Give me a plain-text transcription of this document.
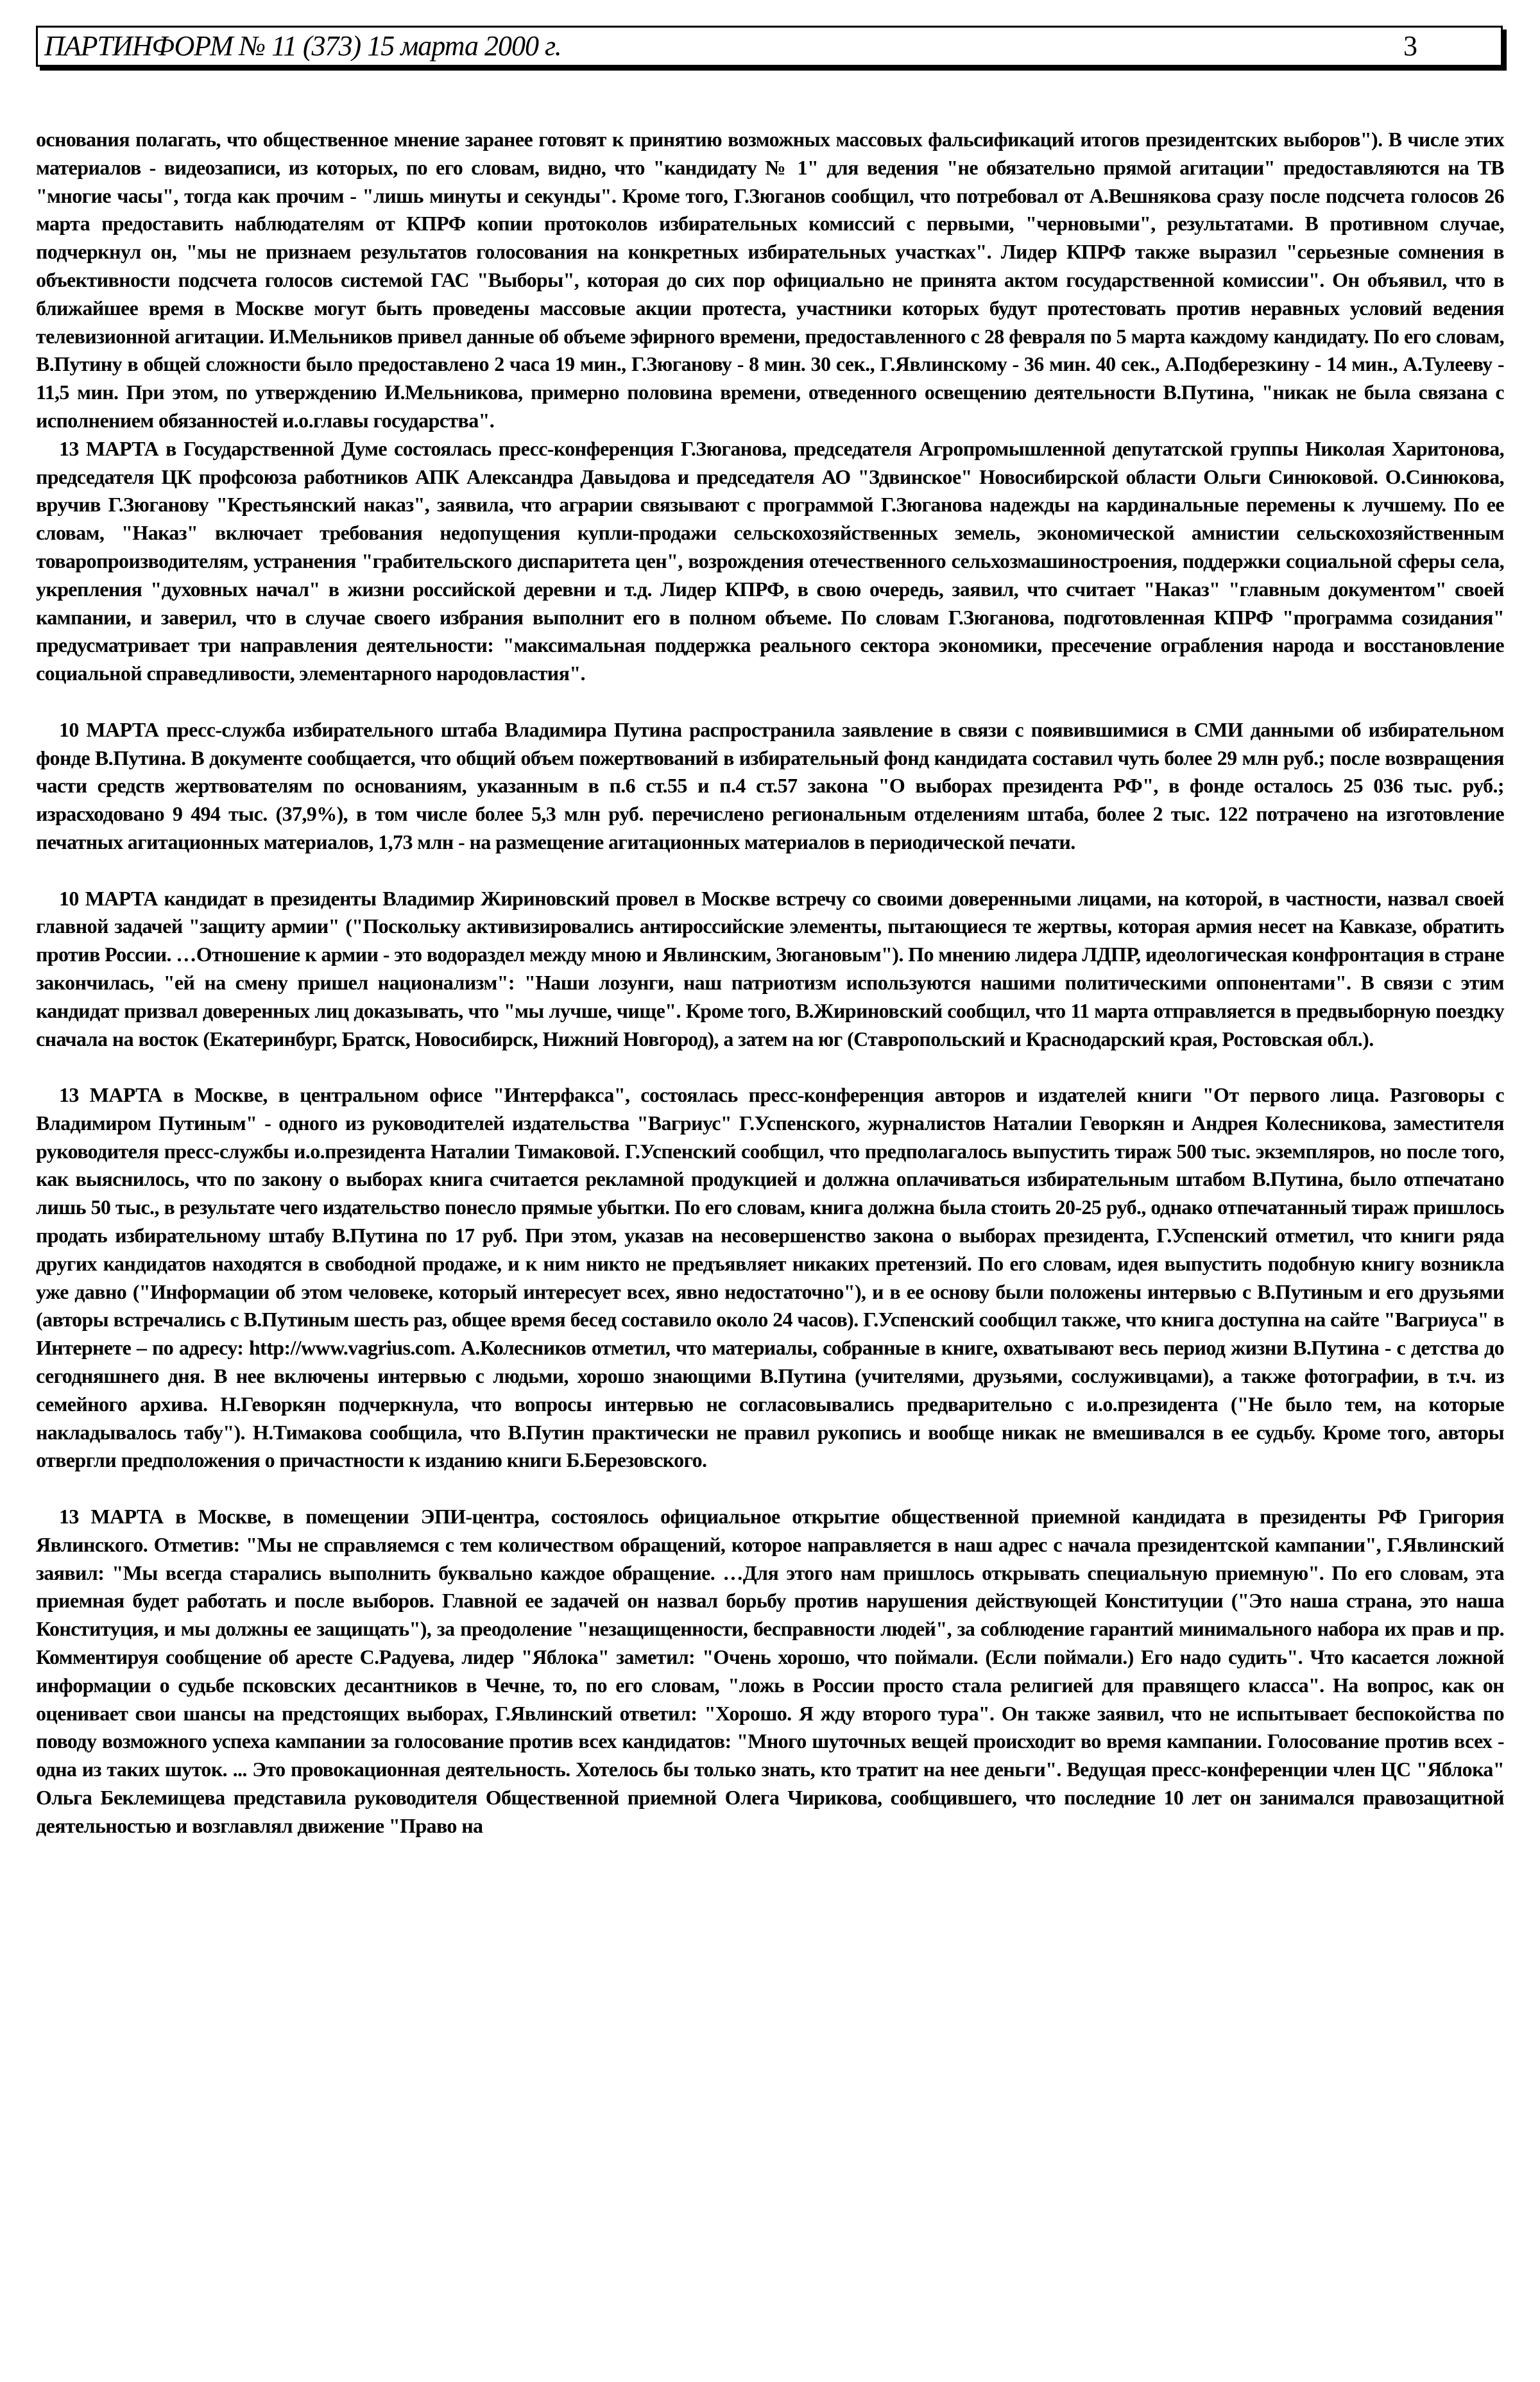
ПАРТИНФОРМ № 11 (373) 15 марта 2000 г.	3

основания полагать, что общественное мнение заранее готовят к принятию возможных массовых фальсификаций итогов президентских выборов"). В числе этих материалов - видеозаписи, из которых, по его словам, видно, что "кандидату № 1" для ведения "не обязательно прямой агитации" предоставляются на ТВ "многие часы", тогда как прочим - "лишь минуты и секунды". Кроме того, Г.Зюганов сообщил, что потребовал от А.Вешнякова сразу после подсчета голосов 26 марта предоставить наблюдателям от КПРФ копии протоколов избирательных комиссий с первыми, "черновыми", результатами. В противном случае, подчеркнул он, "мы не признаем результатов голосования на конкретных избирательных участках". Лидер КПРФ также выразил "серьезные сомнения в объективности подсчета голосов системой ГАС "Выборы", которая до сих пор официально не принята актом государственной комиссии". Он объявил, что в ближайшее время в Москве могут быть проведены массовые акции протеста, участники которых будут протестовать против неравных условий ведения телевизионной агитации. И.Мельников привел данные об объеме эфирного времени, предоставленного с 28 февраля по 5 марта каждому кандидату. По его словам, В.Путину в общей сложности было предоставлено 2 часа 19 мин., Г.Зюганову - 8 мин. 30 сек., Г.Явлинскому - 36 мин. 40 сек., А.Подберезкину - 14 мин., А.Тулееву - 11,5 мин. При этом, по утверждению И.Мельникова, примерно половина времени, отведенного освещению деятельности В.Путина, "никак не была связана с исполнением обязанностей и.о.главы государства".

13 МАРТА в Государственной Думе состоялась пресс-конференция Г.Зюганова, председателя Агропромышленной депутатской группы Николая Харитонова, председателя ЦК профсоюза работников АПК Александра Давыдова и председателя АО "Здвинское" Новосибирской области Ольги Синюковой. О.Синюкова, вручив Г.Зюганову "Крестьянский наказ", заявила, что аграрии связывают с программой Г.Зюганова надежды на кардинальные перемены к лучшему. По ее словам, "Наказ" включает требования недопущения купли-продажи сельскохозяйственных земель, экономической амнистии сельскохозяйственным товаропроизводителям, устранения "грабительского диспаритета цен", возрождения отечественного сельхозмашиностроения, поддержки социальной сферы села, укрепления "духовных начал" в жизни российской деревни и т.д. Лидер КПРФ, в свою очередь, заявил, что считает "Наказ" "главным документом" своей кампании, и заверил, что в случае своего избрания выполнит его в полном объеме. По словам Г.Зюганова, подготовленная КПРФ "программа созидания" предусматривает три направления деятельности: "максимальная поддержка реального сектора экономики, пресечение ограбления народа и восстановление социальной справедливости, элементарного народовластия".

10 МАРТА пресс-служба избирательного штаба Владимира Путина распространила заявление в связи с появившимися в СМИ данными об избирательном фонде В.Путина. В документе сообщается, что общий объем пожертвований в избирательный фонд кандидата составил чуть более 29 млн руб.; после возвращения части средств жертвователям по основаниям, указанным в п.6 ст.55 и п.4 ст.57 закона "О выборах президента РФ", в фонде осталось 25 036 тыс. руб.; израсходовано 9 494 тыс. (37,9%), в том числе более 5,3 млн руб. перечислено региональным отделениям штаба, более 2 тыс. 122 потрачено на изготовление печатных агитационных материалов, 1,73 млн - на размещение агитационных материалов в периодической печати.

10 МАРТА кандидат в президенты Владимир Жириновский провел в Москве встречу со своими доверенными лицами, на которой, в частности, назвал своей главной задачей "защиту армии" ("Поскольку активизировались антироссийские элементы, пытающиеся те жертвы, которая армия несет на Кавказе, обратить против России. …Отношение к армии - это водораздел между мною и Явлинским, Зюгановым"). По мнению лидера ЛДПР, идеологическая конфронтация в стране закончилась, "ей на смену пришел национализм": "Наши лозунги, наш патриотизм используются нашими политическими оппонентами". В связи с этим кандидат призвал доверенных лиц доказывать, что "мы лучше, чище". Кроме того, В.Жириновский сообщил, что 11 марта отправляется в предвыборную поездку сначала на восток (Екатеринбург, Братск, Новосибирск, Нижний Новгород), а затем на юг (Ставропольский и Краснодарский края, Ростовская обл.).

13 МАРТА в Москве, в центральном офисе "Интерфакса", состоялась пресс-конференция авторов и издателей книги "От первого лица. Разговоры с Владимиром Путиным" - одного из руководителей издательства "Вагриус" Г.Успенского, журналистов Наталии Геворкян и Андрея Колесникова, заместителя руководителя пресс-службы и.о.президента Наталии Тимаковой. Г.Успенский сообщил, что предполагалось выпустить тираж 500 тыс. экземпляров, но после того, как выяснилось, что по закону о выборах книга считается рекламной продукцией и должна оплачиваться избирательным штабом В.Путина, было отпечатано лишь 50 тыс., в результате чего издательство понесло прямые убытки. По его словам, книга должна была стоить 20-25 руб., однако отпечатанный тираж пришлось продать избирательному штабу В.Путина по 17 руб. При этом, указав на несовершенство закона о выборах президента, Г.Успенский отметил, что книги ряда других кандидатов находятся в свободной продаже, и к ним никто не предъявляет никаких претензий. По его словам, идея выпустить подобную книгу возникла уже давно ("Информации об этом человеке, который интересует всех, явно недостаточно"), и в ее основу были положены интервью с В.Путиным и его друзьями (авторы встречались с В.Путиным шесть раз, общее время бесед составило около 24 часов). Г.Успенский сообщил также, что книга доступна на сайте "Вагриуса" в Интернете – по адресу: http://www.vagrius.com. А.Колесников отметил, что материалы, собранные в книге, охватывают весь период жизни В.Путина - с детства до сегодняшнего дня. В нее включены интервью с людьми, хорошо знающими В.Путина (учителями, друзьями, сослуживцами), а также фотографии, в т.ч. из семейного архива. Н.Геворкян подчеркнула, что вопросы интервью не согласовывались предварительно с и.о.президента ("Не было тем, на которые накладывалось табу"). Н.Тимакова сообщила, что В.Путин практически не правил рукопись и вообще никак не вмешивался в ее судьбу. Кроме того, авторы отвергли предположения о причастности к изданию книги Б.Березовского.

13 МАРТА в Москве, в помещении ЭПИ-центра, состоялось официальное открытие общественной приемной кандидата в президенты РФ Григория Явлинского. Отметив: "Мы не справляемся с тем количеством обращений, которое направляется в наш адрес с начала президентской кампании", Г.Явлинский заявил: "Мы всегда старались выполнить буквально каждое обращение. …Для этого нам пришлось открывать специальную приемную". По его словам, эта приемная будет работать и после выборов. Главной ее задачей он назвал борьбу против нарушения действующей Конституции ("Это наша страна, это наша Конституция, и мы должны ее защищать"), за преодоление "незащищенности, бесправности людей", за соблюдение гарантий минимального набора их прав и пр. Комментируя сообщение об аресте С.Радуева, лидер "Яблока" заметил: "Очень хорошо, что поймали. (Если поймали.) Его надо судить". Что касается ложной информации о судьбе псковских десантников в Чечне, то, по его словам, "ложь в России просто стала религией для правящего класса". На вопрос, как он оценивает свои шансы на предстоящих выборах, Г.Явлинский ответил: "Хорошо. Я жду второго тура". Он также заявил, что не испытывает беспокойства по поводу возможного успеха кампании за голосование против всех кандидатов: "Много шуточных вещей происходит во время кампании. Голосование против всех - одна из таких шуток. ... Это провокационная деятельность. Хотелось бы только знать, кто тратит на нее деньги". Ведущая пресс-конференции член ЦС "Яблока" Ольга Беклемищева представила руководителя Общественной приемной Олега Чирикова, сообщившего, что последние 10 лет он занимался правозащитной деятельностью и возглавлял движение "Право на
